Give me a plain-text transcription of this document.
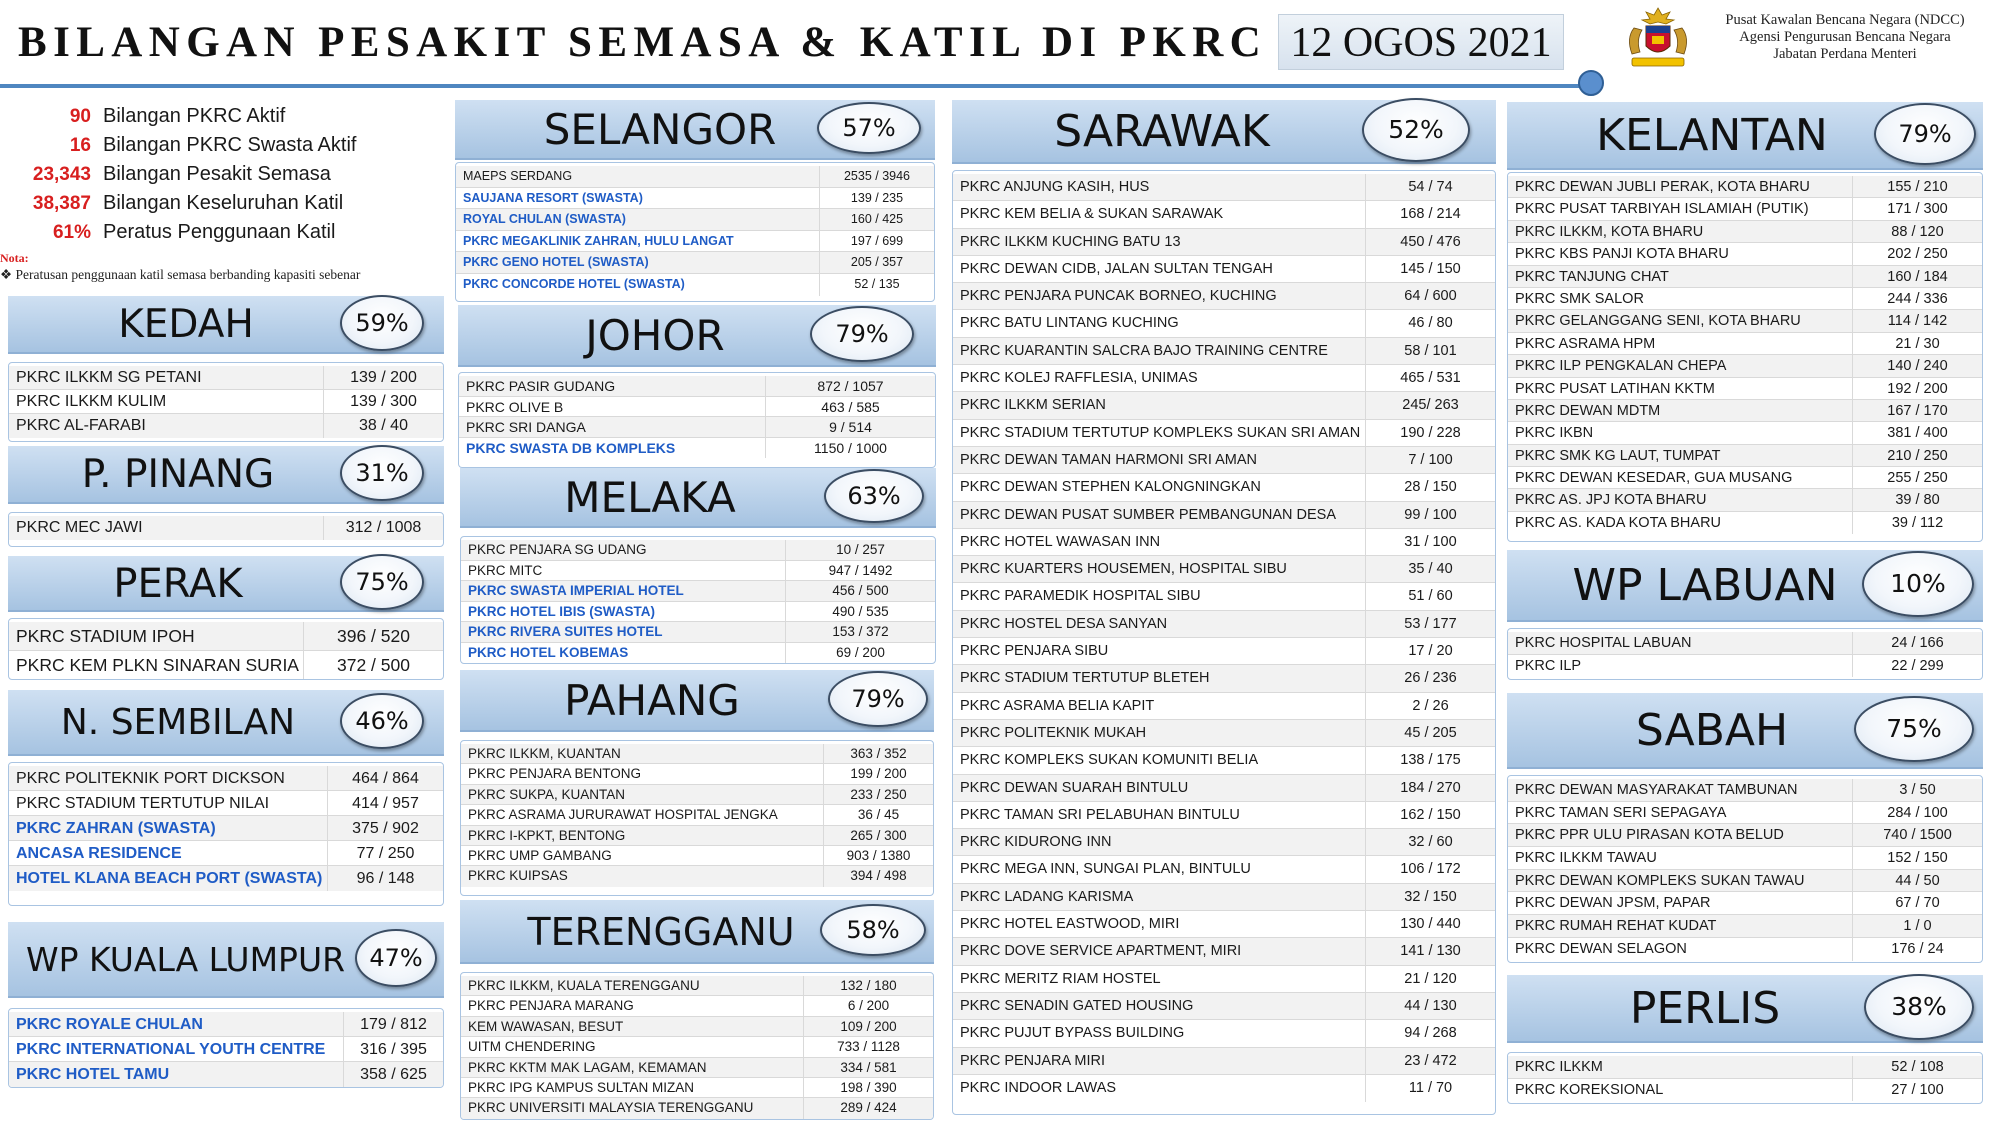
BILANGAN PESAKIT SEMASA & KATIL DI PKRC 12 OGOS 2021	Pusat Kawalan Bencana Negara (NDCC)
Agensi Pengurusan Bencana Negara
Jabatan Perdana Menteri
90 Bilangan PKRC Aktif
16 Bilangan PKRC Swasta Aktif
23,343 Bilangan Pesakit Semasa
38,387 Bilangan Keseluruhan Katil
61% Peratus Penggunaan Katil
Nota:
❖ Peratusan penggunaan katil semasa berbanding kapasiti sebenar
KEDAH	59%
PKRC ILKKM SG PETANI	139 / 200
PKRC ILKKM KULIM	139 / 300
PKRC AL-FARABI	38 / 40
P. PINANG	31%
PKRC MEC JAWI	312 / 1008
PERAK	75%
PKRC STADIUM IPOH	396 / 520
PKRC KEM PLKN SINARAN SURIA	372 / 500
N. SEMBILAN	46%
PKRC POLITEKNIK PORT DICKSON	464 / 864
PKRC STADIUM TERTUTUP NILAI	414 / 957
PKRC ZAHRAN (SWASTA)	375 / 902
ANCASA RESIDENCE	77 / 250
HOTEL KLANA BEACH PORT (SWASTA)	96 / 148
WP KUALA LUMPUR	47%
PKRC ROYALE CHULAN	179 / 812
PKRC INTERNATIONAL YOUTH CENTRE	316 / 395
PKRC HOTEL TAMU	358 / 625
SELANGOR	57%
MAEPS SERDANG	2535 / 3946
SAUJANA RESORT (SWASTA)	139 / 235
ROYAL CHULAN (SWASTA)	160 / 425
PKRC MEGAKLINIK ZAHRAN, HULU LANGAT	197 / 699
PKRC GENO HOTEL (SWASTA)	205 / 357
PKRC CONCORDE HOTEL (SWASTA)	52 / 135
JOHOR	79%
PKRC PASIR GUDANG	872 / 1057
PKRC OLIVE B	463 / 585
PKRC SRI DANGA	9 / 514
PKRC SWASTA DB KOMPLEKS	1150 / 1000
MELAKA	63%
PKRC PENJARA SG UDANG	10 / 257
PKRC MITC	947 / 1492
PKRC SWASTA IMPERIAL HOTEL	456 / 500
PKRC HOTEL IBIS (SWASTA)	490 / 535
PKRC RIVERA SUITES HOTEL	153 / 372
PKRC HOTEL KOBEMAS	69 / 200
PAHANG	79%
PKRC ILKKM, KUANTAN	363 / 352
PKRC PENJARA BENTONG	199 / 200
PKRC SUKPA, KUANTAN	233 / 250
PKRC ASRAMA JURURAWAT HOSPITAL JENGKA	36 / 45
PKRC I-KPKT, BENTONG	265 / 300
PKRC UMP GAMBANG	903 / 1380
PKRC KUIPSAS	394 / 498
TERENGGANU	58%
PKRC ILKKM, KUALA TERENGGANU	132 / 180
PKRC PENJARA MARANG	6 / 200
KEM WAWASAN, BESUT	109 / 200
UITM CHENDERING	733 / 1128
PKRC KKTM MAK LAGAM, KEMAMAN	334 / 581
PKRC IPG KAMPUS SULTAN MIZAN	198 / 390
PKRC UNIVERSITI MALAYSIA TERENGGANU	289 / 424
SARAWAK	52%
PKRC ANJUNG KASIH, HUS	54 / 74
PKRC KEM BELIA & SUKAN SARAWAK	168 / 214
PKRC ILKKM KUCHING BATU 13	450 / 476
PKRC DEWAN CIDB, JALAN SULTAN TENGAH	145 / 150
PKRC PENJARA PUNCAK BORNEO, KUCHING	64 / 600
PKRC BATU LINTANG KUCHING	46 / 80
PKRC KUARANTIN SALCRA BAJO TRAINING CENTRE	58 / 101
PKRC KOLEJ RAFFLESIA, UNIMAS	465 / 531
PKRC ILKKM SERIAN	245/ 263
PKRC STADIUM TERTUTUP KOMPLEKS SUKAN SRI AMAN	190 / 228
PKRC DEWAN TAMAN HARMONI SRI AMAN	7 / 100
PKRC DEWAN STEPHEN KALONGNINGKAN	28 / 150
PKRC DEWAN PUSAT SUMBER PEMBANGUNAN DESA	99 / 100
PKRC HOTEL WAWASAN INN	31 / 100
PKRC KUARTERS HOUSEMEN, HOSPITAL SIBU	35 / 40
PKRC PARAMEDIK HOSPITAL SIBU	51 / 60
PKRC HOSTEL DESA SANYAN	53 / 177
PKRC PENJARA SIBU	17 / 20
PKRC STADIUM TERTUTUP BLETEH	26 / 236
PKRC ASRAMA BELIA KAPIT	2 / 26
PKRC POLITEKNIK MUKAH	45 / 205
PKRC KOMPLEKS SUKAN KOMUNITI BELIA	138 / 175
PKRC DEWAN SUARAH BINTULU	184 / 270
PKRC TAMAN SRI PELABUHAN BINTULU	162 / 150
PKRC KIDURONG INN	32 / 60
PKRC MEGA INN, SUNGAI PLAN, BINTULU	106 / 172
PKRC LADANG KARISMA	32 / 150
PKRC HOTEL EASTWOOD, MIRI	130 / 440
PKRC DOVE SERVICE APARTMENT, MIRI	141 / 130
PKRC MERITZ RIAM HOSTEL	21 / 120
PKRC SENADIN GATED HOUSING	44 / 130
PKRC PUJUT BYPASS BUILDING	94 / 268
PKRC PENJARA MIRI	23 / 472
PKRC INDOOR LAWAS	11 / 70
KELANTAN	79%
PKRC DEWAN JUBLI PERAK, KOTA BHARU	155 / 210
PKRC PUSAT TARBIYAH ISLAMIAH (PUTIK)	171 / 300
PKRC ILKKM, KOTA BHARU	88 / 120
PKRC KBS PANJI KOTA BHARU	202 / 250
PKRC TANJUNG CHAT	160 / 184
PKRC SMK SALOR	244 / 336
PKRC GELANGGANG SENI, KOTA BHARU	114 / 142
PKRC ASRAMA HPM	21 / 30
PKRC ILP PENGKALAN CHEPA	140 / 240
PKRC PUSAT LATIHAN KKTM	192 / 200
PKRC DEWAN MDTM	167 / 170
PKRC IKBN	381 / 400
PKRC SMK KG LAUT, TUMPAT	210 / 250
PKRC DEWAN KESEDAR, GUA MUSANG	255 / 250
PKRC AS. JPJ KOTA BHARU	39 / 80
PKRC AS. KADA KOTA BHARU	39 / 112
WP LABUAN	10%
PKRC HOSPITAL LABUAN	24 / 166
PKRC ILP	22 / 299
SABAH	75%
PKRC DEWAN MASYARAKAT TAMBUNAN	3 / 50
PKRC TAMAN SERI SEPAGAYA	284 / 100
PKRC PPR ULU PIRASAN KOTA BELUD	740 / 1500
PKRC ILKKM TAWAU	152 / 150
PKRC DEWAN KOMPLEKS SUKAN TAWAU	44 / 50
PKRC DEWAN JPSM, PAPAR	67 / 70
PKRC RUMAH REHAT KUDAT	1 / 0
PKRC DEWAN SELAGON	176 / 24
PERLIS	38%
PKRC ILKKM	52 / 108
PKRC KOREKSIONAL	27 / 100
